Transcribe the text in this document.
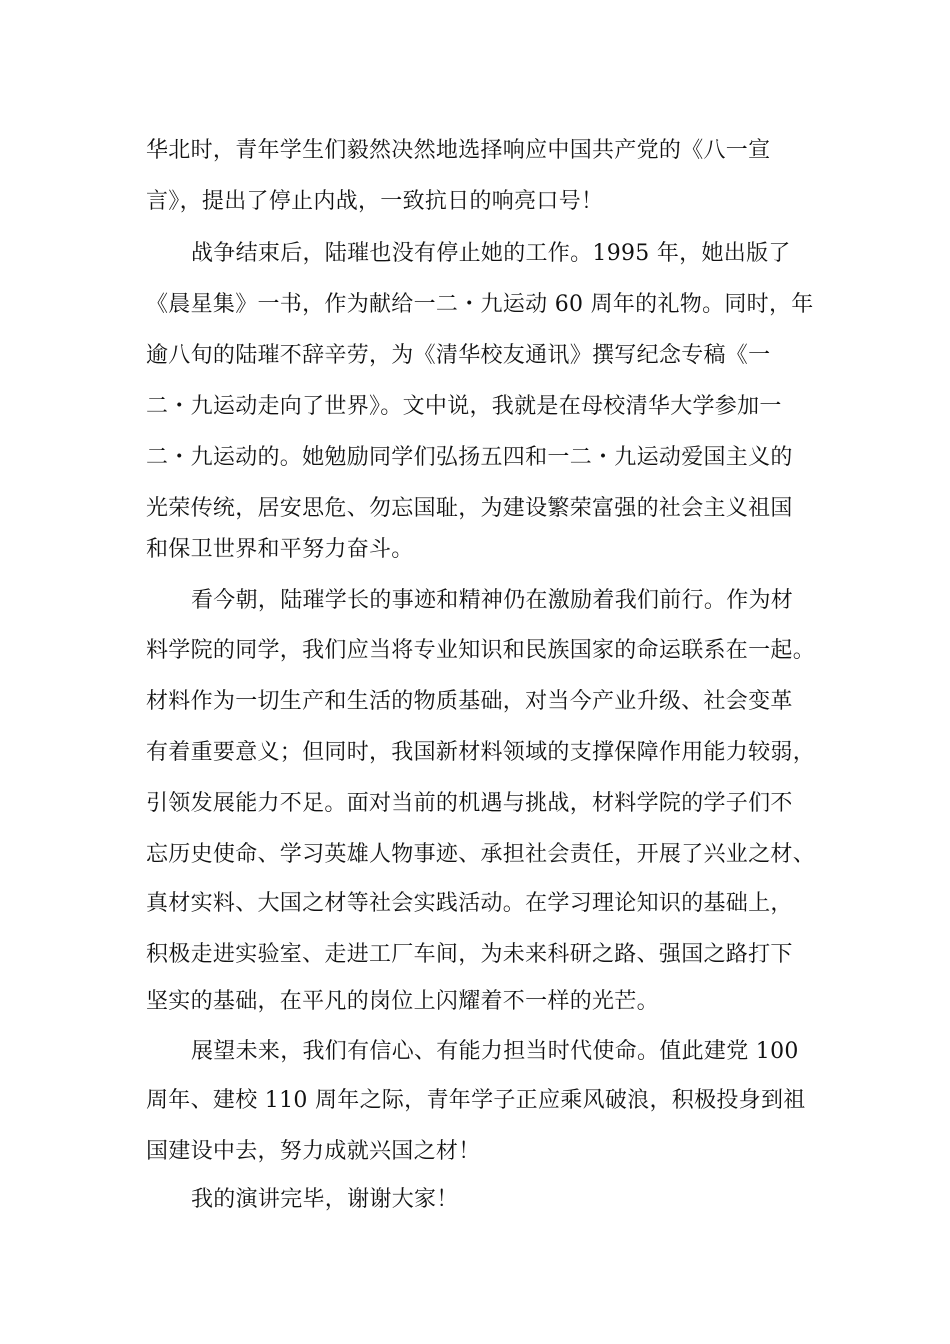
华北时，青年学生们毅然决然地选择响应中国共产党的《八一宣
言》，提出了停止内战，一致抗日的响亮口号！
战争结束后，陆璀也没有停止她的工作。1995 年，她出版了
《晨星集》一书，作为献给一二・九运动 60 周年的礼物。同时，年
逾八旬的陆璀不辞辛劳，为《清华校友通讯》撰写纪念专稿《一
二・九运动走向了世界》。文中说，我就是在母校清华大学参加一
二・九运动的。她勉励同学们弘扬五四和一二・九运动爱国主义的
光荣传统，居安思危、勿忘国耻，为建设繁荣富强的社会主义祖国
和保卫世界和平努力奋斗。
看今朝，陆璀学长的事迹和精神仍在激励着我们前行。作为材
料学院的同学，我们应当将专业知识和民族国家的命运联系在一起。
材料作为一切生产和生活的物质基础，对当今产业升级、社会变革
有着重要意义；但同时，我国新材料领域的支撑保障作用能力较弱，
引领发展能力不足。面对当前的机遇与挑战，材料学院的学子们不
忘历史使命、学习英雄人物事迹、承担社会责任，开展了兴业之材、
真材实料、大国之材等社会实践活动。在学习理论知识的基础上，
积极走进实验室、走进工厂车间，为未来科研之路、强国之路打下
坚实的基础，在平凡的岗位上闪耀着不一样的光芒。
展望未来，我们有信心、有能力担当时代使命。值此建党 100
周年、建校 110 周年之际，青年学子正应乘风破浪，积极投身到祖
国建设中去，努力成就兴国之材！
我的演讲完毕，谢谢大家！
